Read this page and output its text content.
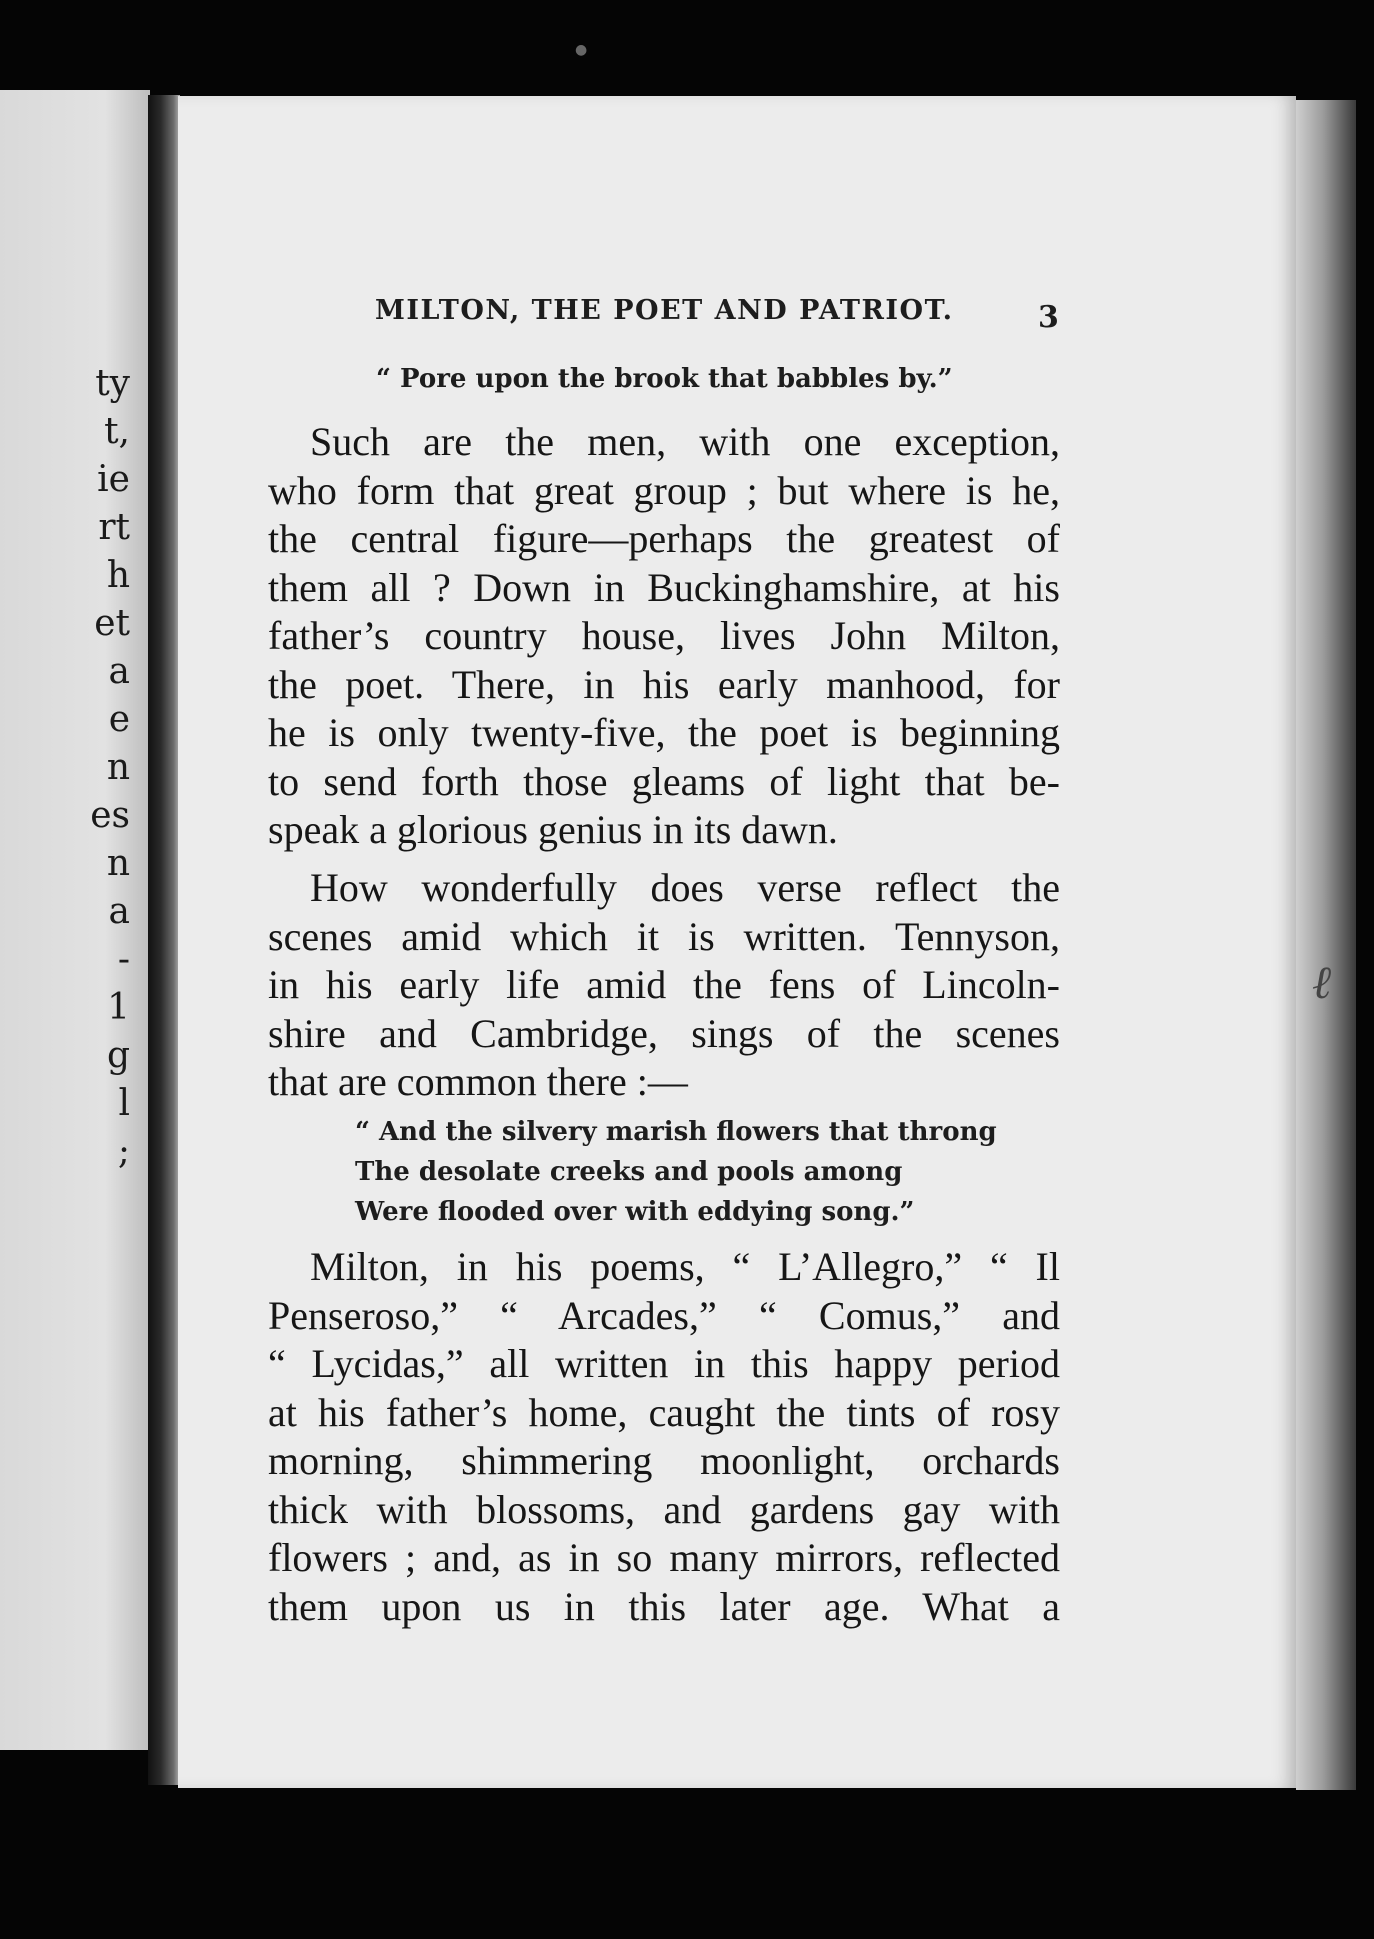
ty
t,
ie
rt
h
et
a
e
n
es
n
a
-
1
g
l
;
MILTON, THE POET AND PATRIOT.	3
“ Pore upon the brook that babbles by.”
Such are the men, with one exception,
who form that great group ; but where is he,
the central figure—perhaps the greatest of
them all ? Down in Buckinghamshire, at his
father’s country house, lives John Milton,
the poet. There, in his early manhood, for
he is only twenty-five, the poet is beginning
to send forth those gleams of light that be-
speak a glorious genius in its dawn.
How wonderfully does verse reflect the
scenes amid which it is written. Tennyson,
in his early life amid the fens of Lincoln-
shire and Cambridge, sings of the scenes
that are common there :—
“ And the silvery marish flowers that throng
The desolate creeks and pools among
Were flooded over with eddying song.”
Milton, in his poems, “ L’Allegro,” “ Il
Penseroso,” “ Arcades,” “ Comus,” and
“ Lycidas,” all written in this happy period
at his father’s home, caught the tints of rosy
morning, shimmering moonlight, orchards
thick with blossoms, and gardens gay with
flowers ; and, as in so many mirrors, reflected
them upon us in this later age. What a
●
ℓ
